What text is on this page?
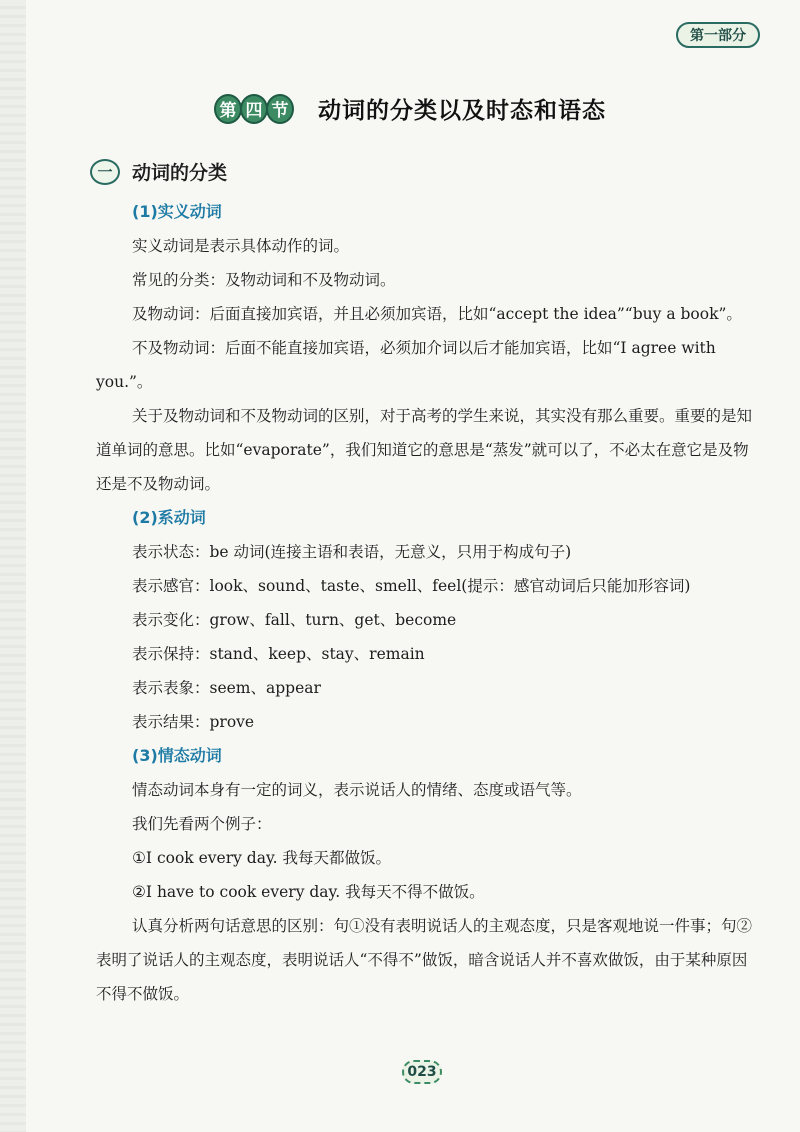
第一部分
第 四 节 动词的分类以及时态和语态
一	动词的分类

(1)实义动词

实义动词是表示具体动作的词。

常见的分类：及物动词和不及物动词。

及物动词：后面直接加宾语，并且必须加宾语，比如“accept the idea”“buy a book”。

不及物动词：后面不能直接加宾语，必须加介词以后才能加宾语，比如“I agree with you.”。

关于及物动词和不及物动词的区别，对于高考的学生来说，其实没有那么重要。重要的是知道单词的意思。比如“evaporate”，我们知道它的意思是“蒸发”就可以了，不必太在意它是及物还是不及物动词。

(2)系动词

表示状态：be 动词(连接主语和表语，无意义，只用于构成句子)

表示感官：look、sound、taste、smell、feel(提示：感官动词后只能加形容词)

表示变化：grow、fall、turn、get、become

表示保持：stand、keep、stay、remain

表示表象：seem、appear

表示结果：prove

(3)情态动词

情态动词本身有一定的词义，表示说话人的情绪、态度或语气等。

我们先看两个例子：

①I cook every day. 我每天都做饭。

②I have to cook every day. 我每天不得不做饭。

认真分析两句话意思的区别：句①没有表明说话人的主观态度，只是客观地说一件事；句②表明了说话人的主观态度，表明说话人“不得不”做饭，暗含说话人并不喜欢做饭，由于某种原因不得不做饭。

023
